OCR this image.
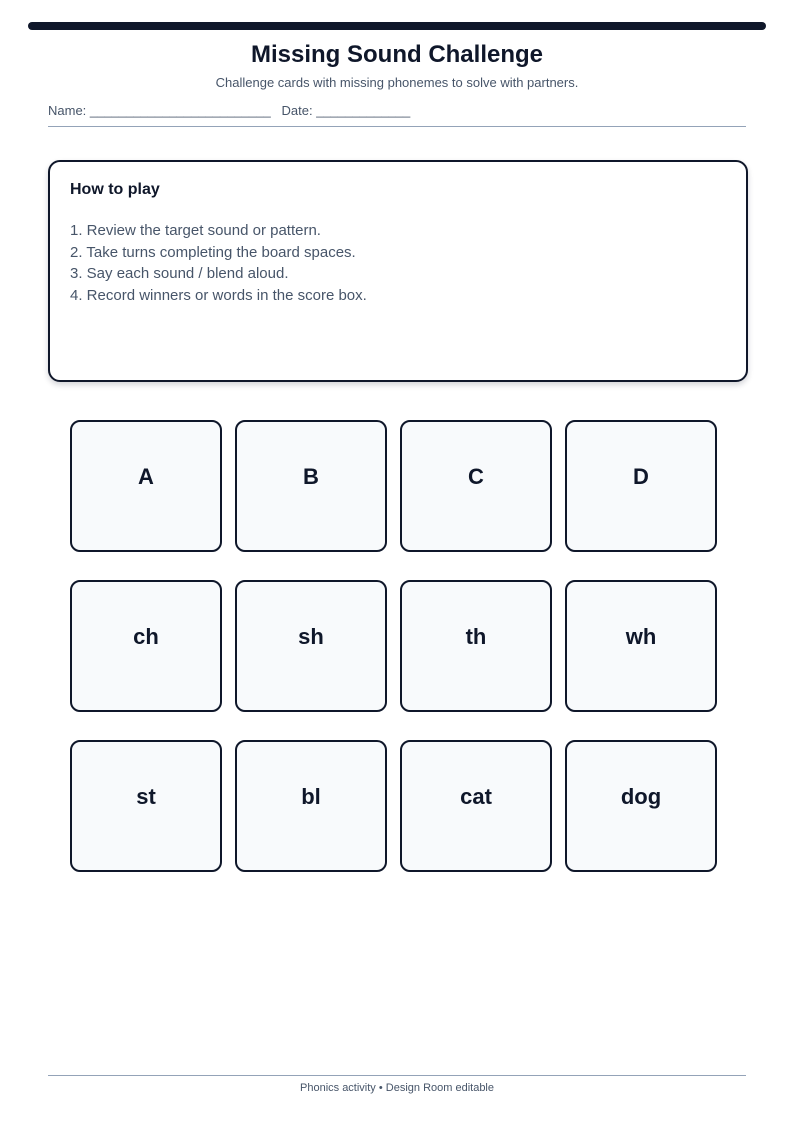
Missing Sound Challenge
Challenge cards with missing phonemes to solve with partners.
Name: _________________________ Date: _____________
How to play
1. Review the target sound or pattern.
2. Take turns completing the board spaces.
3. Say each sound / blend aloud.
4. Record winners or words in the score box.
A	B	C	D
ch	sh	th	wh
st	bl	cat	dog
Phonics activity • Design Room editable
